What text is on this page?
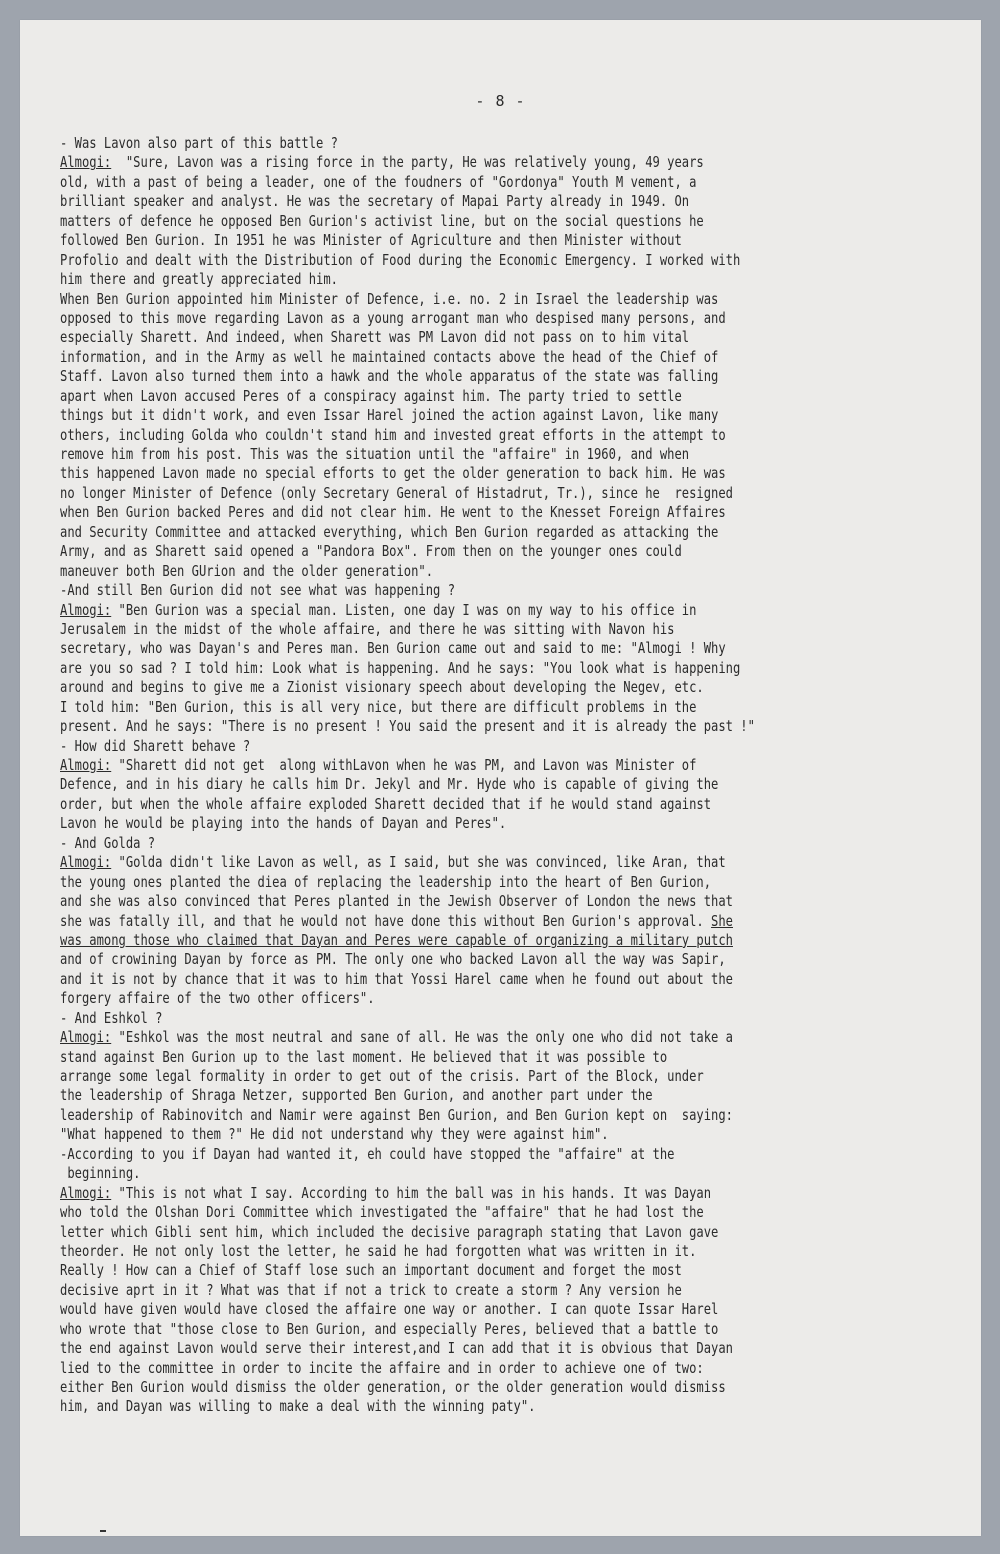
- 8 -
- Was Lavon also part of this battle ?
Almogi:  "Sure, Lavon was a rising force in the party, He was relatively young, 49 years
old, with a past of being a leader, one of the foudners of "Gordonya" Youth M vement, a
brilliant speaker and analyst. He was the secretary of Mapai Party already in 1949. On
matters of defence he opposed Ben Gurion's activist line, but on the social questions he
followed Ben Gurion. In 1951 he was Minister of Agriculture and then Minister without
Profolio and dealt with the Distribution of Food during the Economic Emergency. I worked with
him there and greatly appreciated him.
When Ben Gurion appointed him Minister of Defence, i.e. no. 2 in Israel the leadership was
opposed to this move regarding Lavon as a young arrogant man who despised many persons, and
especially Sharett. And indeed, when Sharett was PM Lavon did not pass on to him vital
information, and in the Army as well he maintained contacts above the head of the Chief of
Staff. Lavon also turned them into a hawk and the whole apparatus of the state was falling
apart when Lavon accused Peres of a conspiracy against him. The party tried to settle
things but it didn't work, and even Issar Harel joined the action against Lavon, like many
others, including Golda who couldn't stand him and invested great efforts in the attempt to
remove him from his post. This was the situation until the "affaire" in 1960, and when
this happened Lavon made no special efforts to get the older generation to back him. He was
no longer Minister of Defence (only Secretary General of Histadrut, Tr.), since he  resigned
when Ben Gurion backed Peres and did not clear him. He went to the Knesset Foreign Affaires
and Security Committee and attacked everything, which Ben Gurion regarded as attacking the
Army, and as Sharett said opened a "Pandora Box". From then on the younger ones could
maneuver both Ben GUrion and the older generation".
-And still Ben Gurion did not see what was happening ?
Almogi: "Ben Gurion was a special man. Listen, one day I was on my way to his office in
Jerusalem in the midst of the whole affaire, and there he was sitting with Navon his
secretary, who was Dayan's and Peres man. Ben Gurion came out and said to me: "Almogi ! Why
are you so sad ? I told him: Look what is happening. And he says: "You look what is happening
around and begins to give me a Zionist visionary speech about developing the Negev, etc.
I told him: "Ben Gurion, this is all very nice, but there are difficult problems in the
present. And he says: "There is no present ! You said the present and it is already the past !"
- How did Sharett behave ?
Almogi: "Sharett did not get  along withLavon when he was PM, and Lavon was Minister of
Defence, and in his diary he calls him Dr. Jekyl and Mr. Hyde who is capable of giving the
order, but when the whole affaire exploded Sharett decided that if he would stand against
Lavon he would be playing into the hands of Dayan and Peres".
- And Golda ?
Almogi: "Golda didn't like Lavon as well, as I said, but she was convinced, like Aran, that
the young ones planted the diea of replacing the leadership into the heart of Ben Gurion,
and she was also convinced that Peres planted in the Jewish Observer of London the news that
she was fatally ill, and that he would not have done this without Ben Gurion's approval. She
was among those who claimed that Dayan and Peres were capable of organizing a military putch
and of crowining Dayan by force as PM. The only one who backed Lavon all the way was Sapir,
and it is not by chance that it was to him that Yossi Harel came when he found out about the
forgery affaire of the two other officers".
- And Eshkol ?
Almogi: "Eshkol was the most neutral and sane of all. He was the only one who did not take a
stand against Ben Gurion up to the last moment. He believed that it was possible to
arrange some legal formality in order to get out of the crisis. Part of the Block, under
the leadership of Shraga Netzer, supported Ben Gurion, and another part under the
leadership of Rabinovitch and Namir were against Ben Gurion, and Ben Gurion kept on  saying:
"What happened to them ?" He did not understand why they were against him".
-According to you if Dayan had wanted it, eh could have stopped the "affaire" at the
beginning.
Almogi: "This is not what I say. According to him the ball was in his hands. It was Dayan
who told the Olshan Dori Committee which investigated the "affaire" that he had lost the
letter which Gibli sent him, which included the decisive paragraph stating that Lavon gave
theorder. He not only lost the letter, he said he had forgotten what was written in it.
Really ! How can a Chief of Staff lose such an important document and forget the most
decisive aprt in it ? What was that if not a trick to create a storm ? Any version he
would have given would have closed the affaire one way or another. I can quote Issar Harel
who wrote that "those close to Ben Gurion, and especially Peres, believed that a battle to
the end against Lavon would serve their interest,and I can add that it is obvious that Dayan
lied to the committee in order to incite the affaire and in order to achieve one of two:
either Ben Gurion would dismiss the older generation, or the older generation would dismiss
him, and Dayan was willing to make a deal with the winning paty".
